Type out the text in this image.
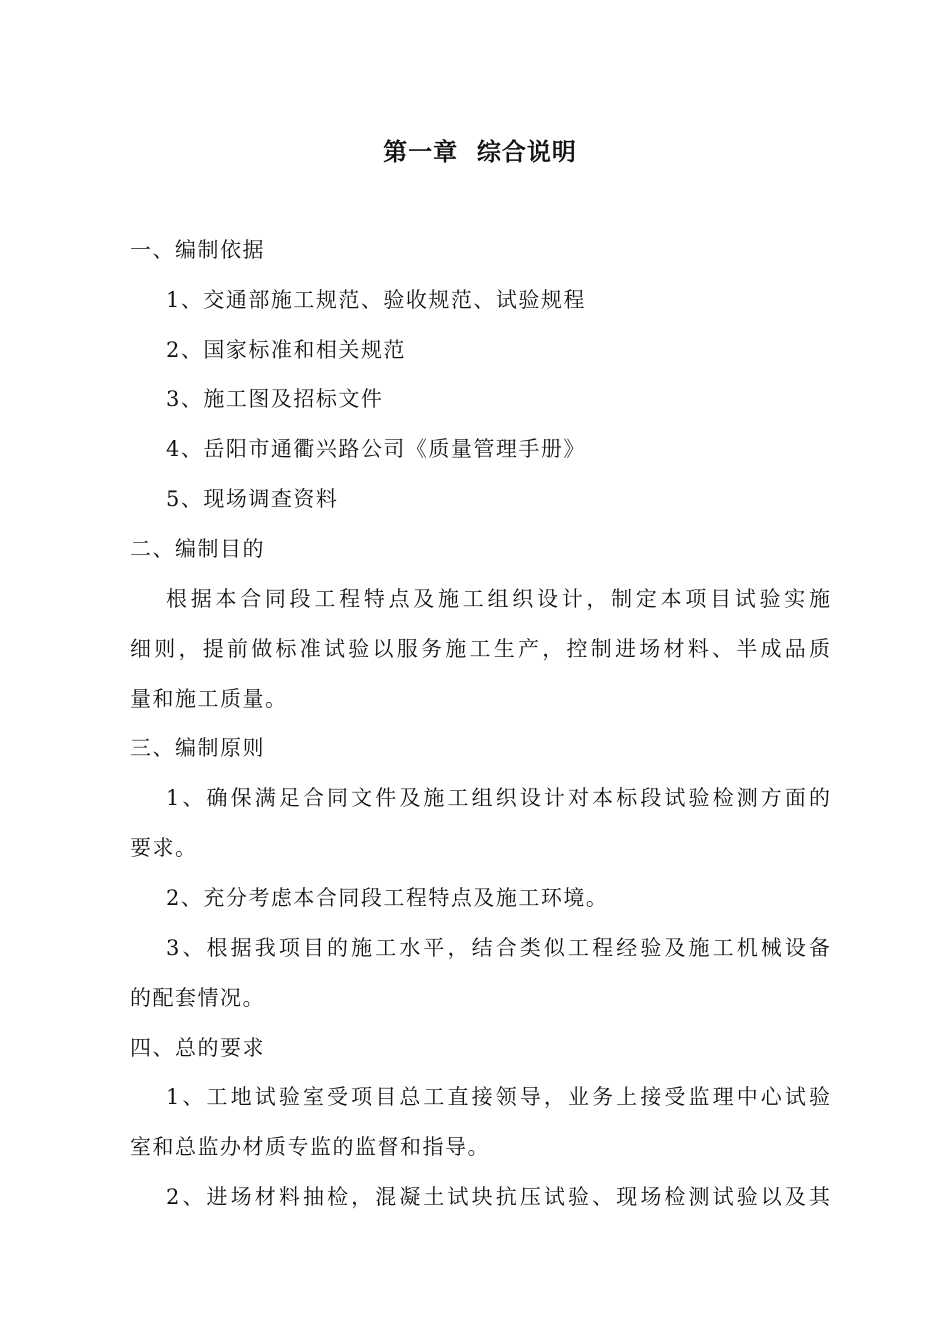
第一章  综合说明
一、编制依据
1、交通部施工规范、验收规范、试验规程
2、国家标准和相关规范
3、施工图及招标文件
4、岳阳市通衢兴路公司《质量管理手册》
5、现场调查资料
二、编制目的
根据本合同段工程特点及施工组织设计，制定本项目试验实施
细则，提前做标准试验以服务施工生产，控制进场材料、半成品质
量和施工质量。
三、编制原则
1、确保满足合同文件及施工组织设计对本标段试验检测方面的
要求。
2、充分考虑本合同段工程特点及施工环境。
3、根据我项目的施工水平，结合类似工程经验及施工机械设备
的配套情况。
四、总的要求
1、工地试验室受项目总工直接领导，业务上接受监理中心试验
室和总监办材质专监的监督和指导。
2、进场材料抽检，混凝土试块抗压试验、现场检测试验以及其
